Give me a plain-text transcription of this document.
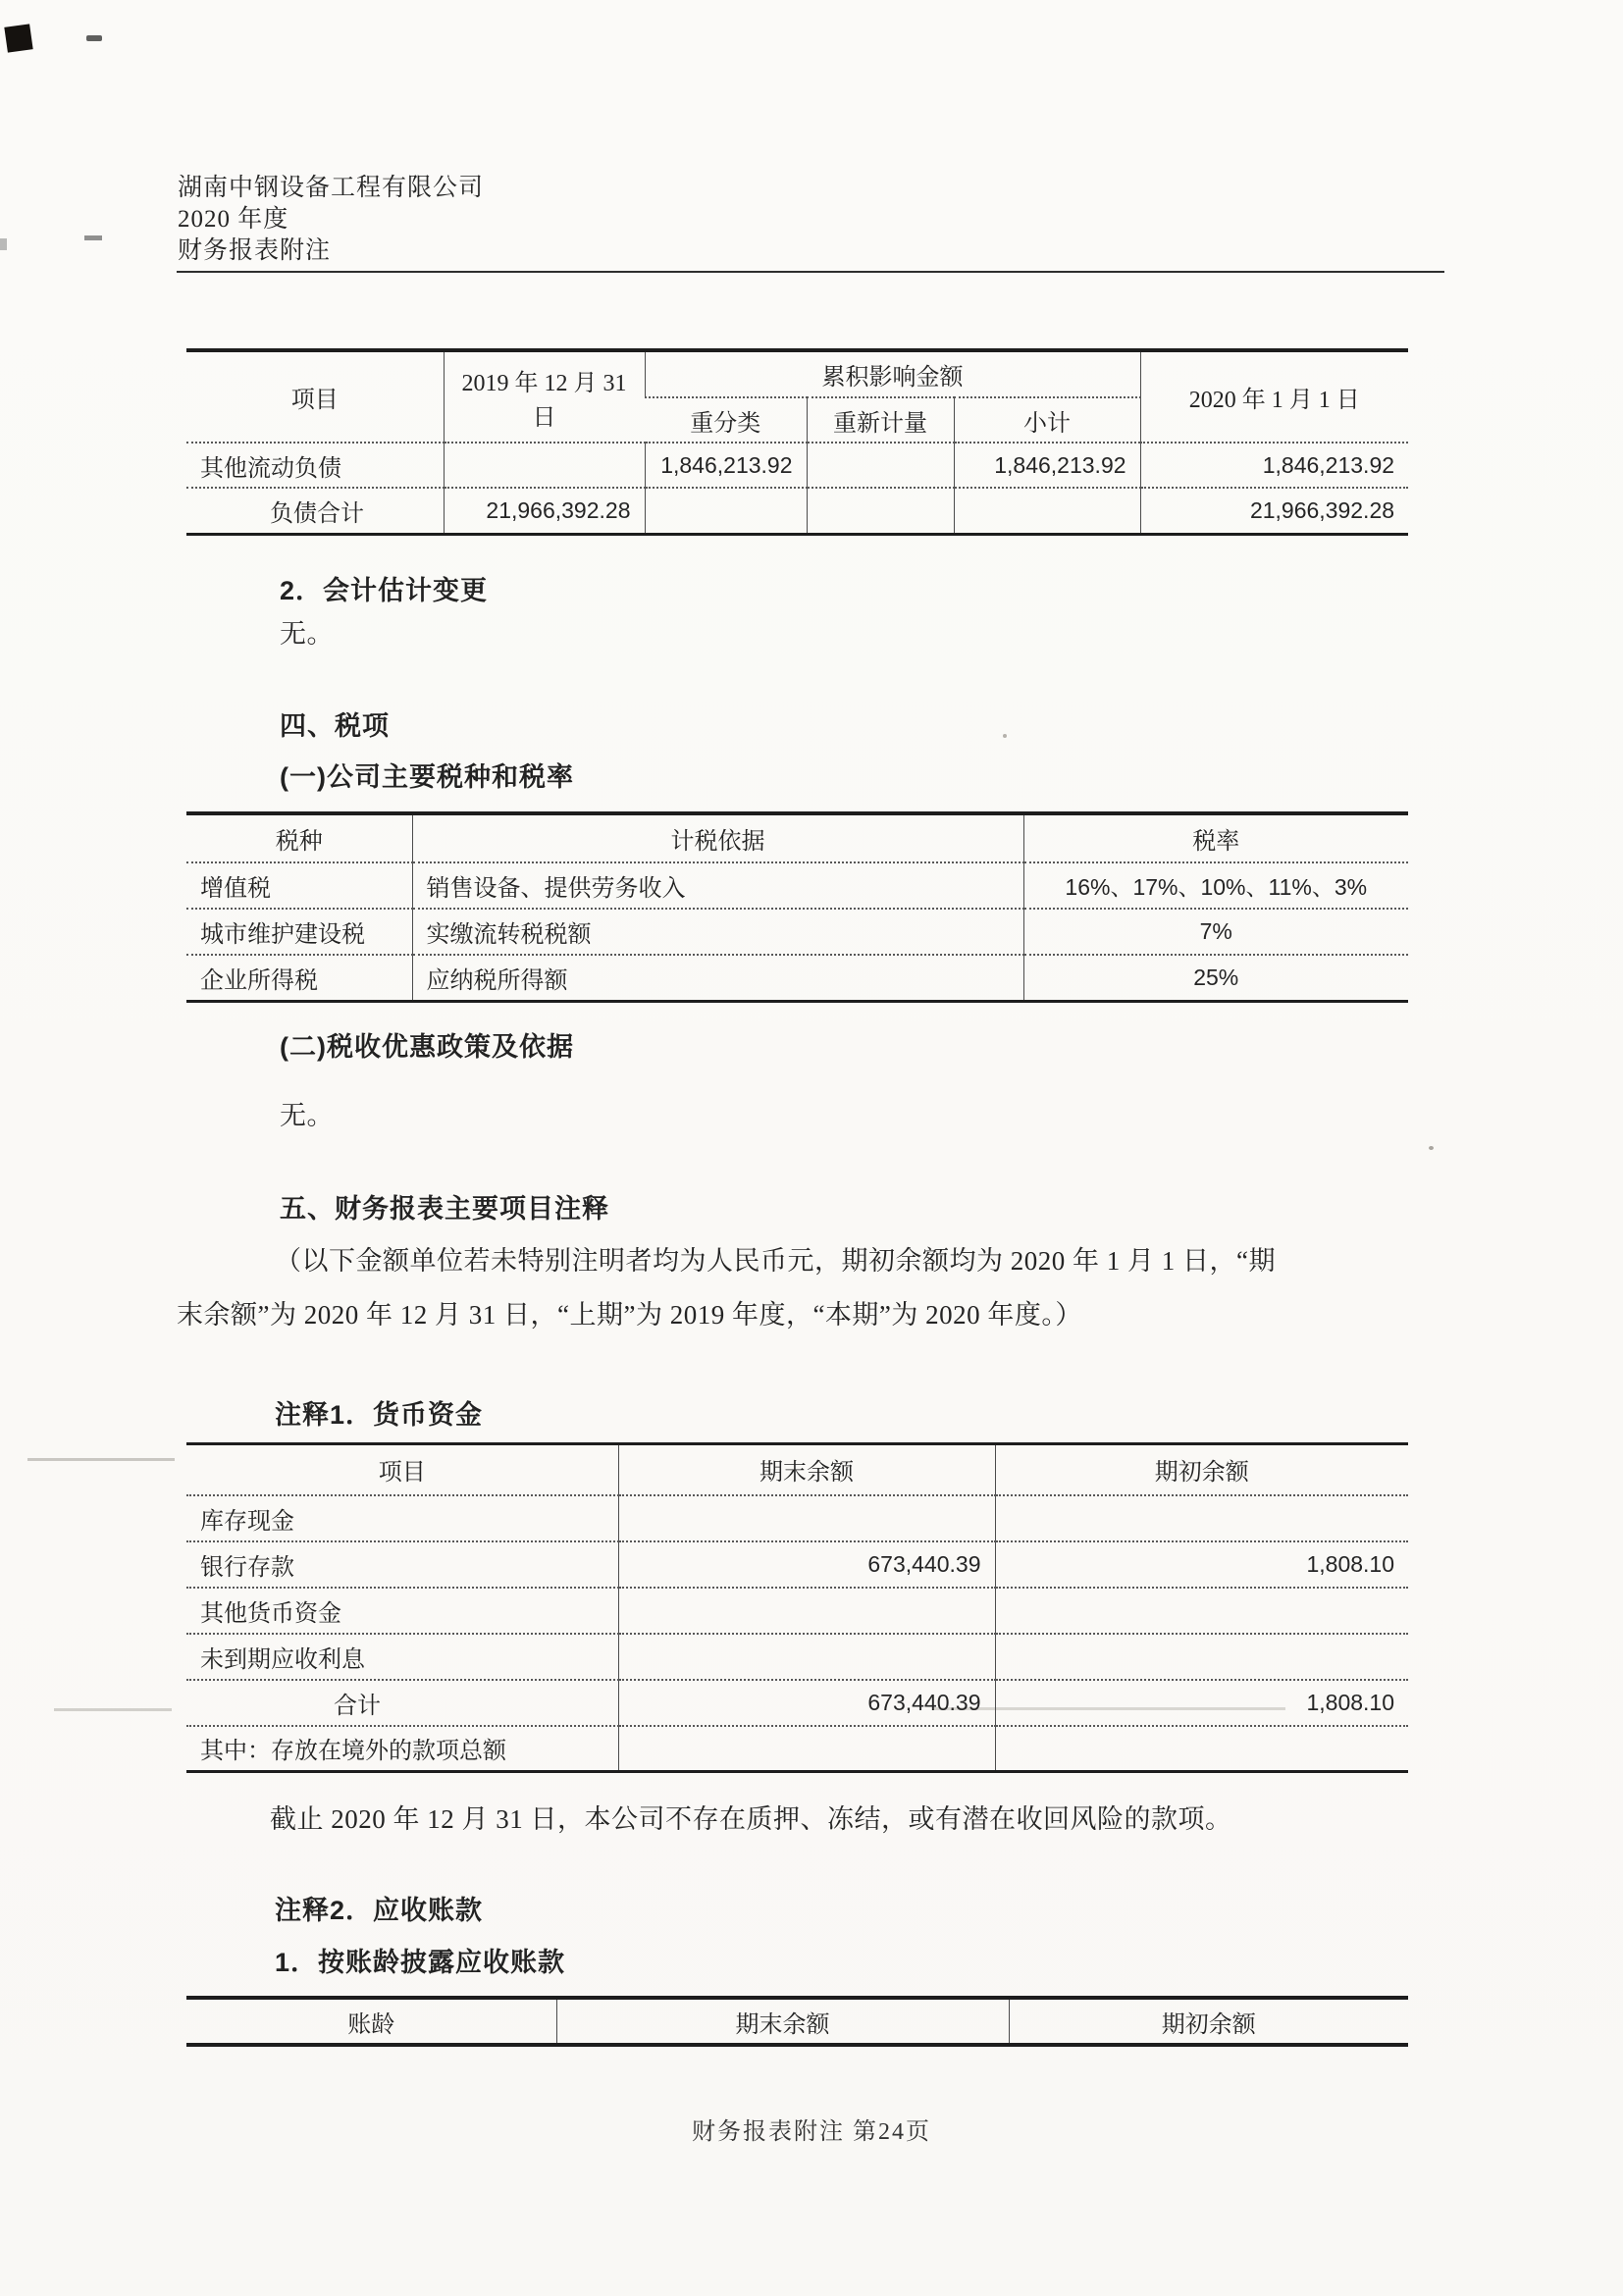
湖南中钢设备工程有限公司
2020 年度
财务报表附注
项目	2019 年 12 月 31 日	累积影响金额			2020 年 1 月 1 日
		重分类	重新计量	小计	
其他流动负债		1,846,213.92		1,846,213.92	1,846,213.92
负债合计	21,966,392.28				21,966,392.28
2．会计估计变更
无。
四、税项
(一)公司主要税种和税率
税种	计税依据	税率
增值税	销售设备、提供劳务收入	16%、17%、10%、11%、3%
城市维护建设税	实缴流转税税额	7%
企业所得税	应纳税所得额	25%
(二)税收优惠政策及依据
无。
五、财务报表主要项目注释
（以下金额单位若未特别注明者均为人民币元，期初余额均为 2020 年 1 月 1 日，“期
末余额”为 2020 年 12 月 31 日，“上期”为 2019 年度，“本期”为 2020 年度。）
注释1．货币资金
项目	期末余额	期初余额
库存现金		
银行存款	673,440.39	1,808.10
其他货币资金		
未到期应收利息		
合计	673,440.39	1,808.10
其中：存放在境外的款项总额		
截止 2020 年 12 月 31 日，本公司不存在质押、冻结，或有潜在收回风险的款项。
注释2．应收账款
1．按账龄披露应收账款
账龄	期末余额	期初余额
财务报表附注 第24页
